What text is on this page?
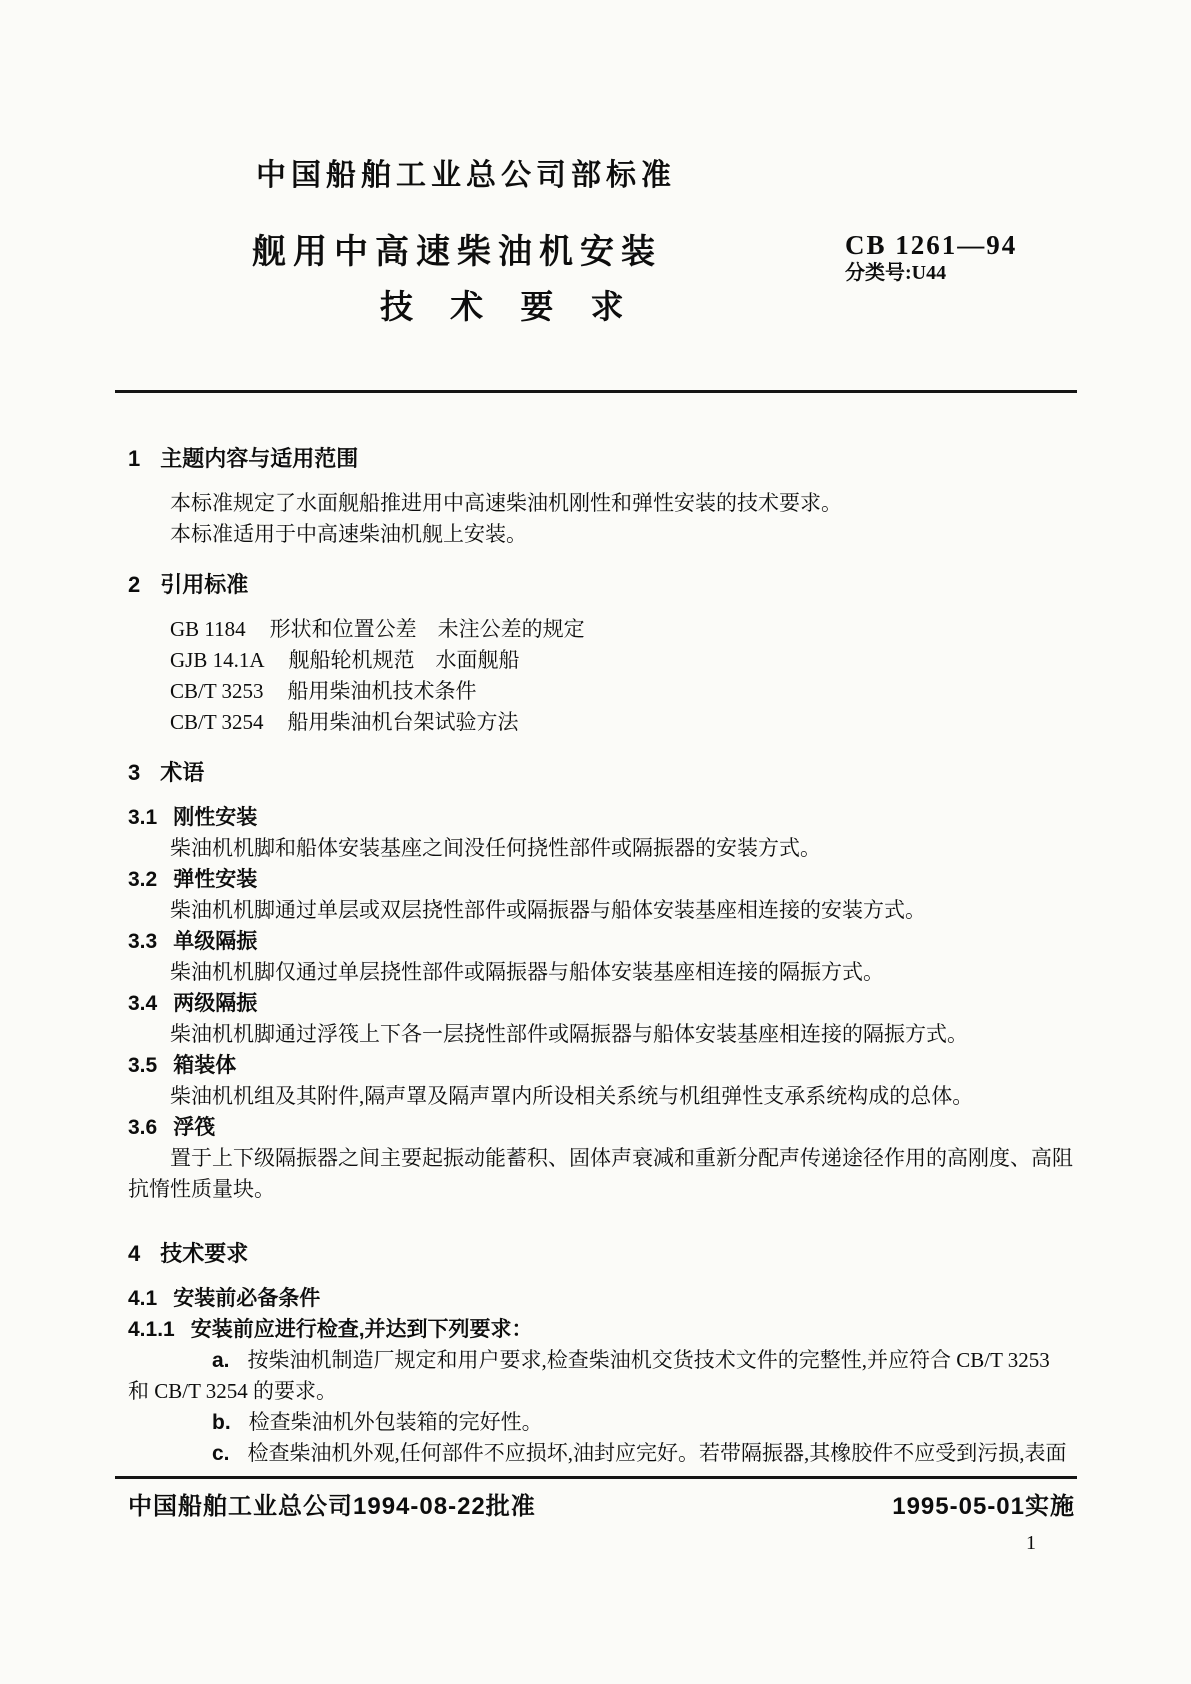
中国船舶工业总公司部标准
舰用中高速柴油机安装
技 术 要 求
CB 1261—94
分类号:U44
1 主题内容与适用范围

本标准规定了水面舰船推进用中高速柴油机刚性和弹性安装的技术要求。

本标准适用于中高速柴油机舰上安装。

2 引用标准
GB 1184 形状和位置公差　未注公差的规定
GJB 14.1A 舰船轮机规范　水面舰船
CB/T 3253 船用柴油机技术条件
CB/T 3254 船用柴油机台架试验方法
3 术语
3.1 刚性安装

柴油机机脚和船体安装基座之间没任何挠性部件或隔振器的安装方式。

3.2 弹性安装

柴油机机脚通过单层或双层挠性部件或隔振器与船体安装基座相连接的安装方式。

3.3 单级隔振

柴油机机脚仅通过单层挠性部件或隔振器与船体安装基座相连接的隔振方式。

3.4 两级隔振

柴油机机脚通过浮筏上下各一层挠性部件或隔振器与船体安装基座相连接的隔振方式。

3.5 箱装体

柴油机机组及其附件,隔声罩及隔声罩内所设相关系统与机组弹性支承系统构成的总体。

3.6 浮筏

置于上下级隔振器之间主要起振动能蓄积、固体声衰减和重新分配声传递途径作用的高刚度、高阻抗惰性质量块。

4 技术要求
4.1 安装前必备条件
4.1.1 安装前应进行检查,并达到下列要求：

a. 按柴油机制造厂规定和用户要求,检查柴油机交货技术文件的完整性,并应符合 CB/T 3253
和 CB/T 3254 的要求。

b. 检查柴油机外包装箱的完好性。

c. 检查柴油机外观,任何部件不应损坏,油封应完好。若带隔振器,其橡胶件不应受到污损,表面

中国船舶工业总公司1994-08-22批准	1995-05-01实施
1
